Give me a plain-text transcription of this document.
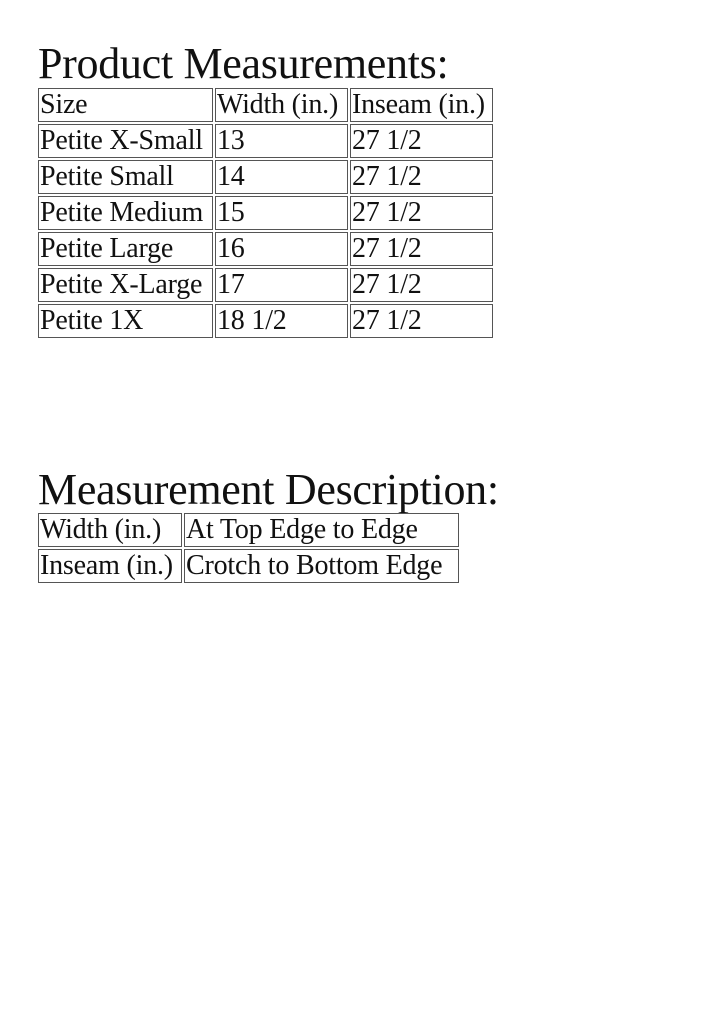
Product Measurements:
Size	Width (in.)	Inseam (in.)
Petite X-Small	13	27 1/2
Petite Small	14	27 1/2
Petite Medium	15	27 1/2
Petite Large	16	27 1/2
Petite X-Large	17	27 1/2
Petite 1X	18 1/2	27 1/2
Measurement Description:
Width (in.)	At Top Edge to Edge
Inseam (in.)	Crotch to Bottom Edge
